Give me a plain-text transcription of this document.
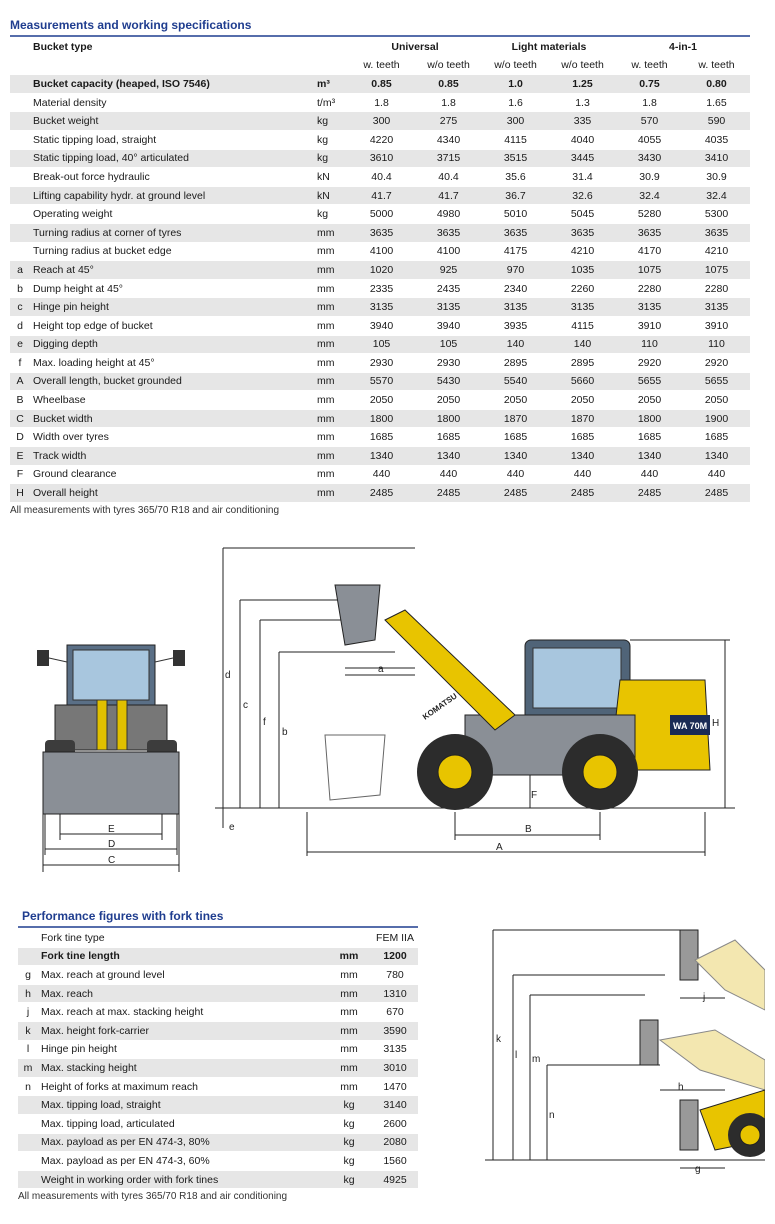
Measurements and working specifications
	Bucket type		Universal		Light materials		4-in-1	
			w. teeth	w/o teeth	w/o teeth	w/o teeth	w. teeth	w. teeth
	Bucket capacity (heaped, ISO 7546)	m³	0.85	0.85	1.0	1.25	0.75	0.80
	Material density	t/m³	1.8	1.8	1.6	1.3	1.8	1.65
	Bucket weight	kg	300	275	300	335	570	590
	Static tipping load, straight	kg	4220	4340	4115	4040	4055	4035
	Static tipping load, 40° articulated	kg	3610	3715	3515	3445	3430	3410
	Break-out force hydraulic	kN	40.4	40.4	35.6	31.4	30.9	30.9
	Lifting capability hydr. at ground level	kN	41.7	41.7	36.7	32.6	32.4	32.4
	Operating weight	kg	5000	4980	5010	5045	5280	5300
	Turning radius at corner of tyres	mm	3635	3635	3635	3635	3635	3635
	Turning radius at bucket edge	mm	4100	4100	4175	4210	4170	4210
a	Reach at 45°	mm	1020	925	970	1035	1075	1075
b	Dump height at 45°	mm	2335	2435	2340	2260	2280	2280
c	Hinge pin height	mm	3135	3135	3135	3135	3135	3135
d	Height top edge of bucket	mm	3940	3940	3935	4115	3910	3910
e	Digging depth	mm	105	105	140	140	110	110
f	Max. loading height at 45°	mm	2930	2930	2895	2895	2920	2920
A	Overall length, bucket grounded	mm	5570	5430	5540	5660	5655	5655
B	Wheelbase	mm	2050	2050	2050	2050	2050	2050
C	Bucket width	mm	1800	1800	1870	1870	1800	1900
D	Width over tyres	mm	1685	1685	1685	1685	1685	1685
E	Track width	mm	1340	1340	1340	1340	1340	1340
F	Ground clearance	mm	440	440	440	440	440	440
H	Overall height	mm	2485	2485	2485	2485	2485	2485
All measurements with tyres 365/70 R18 and air conditioning
E
D
C
d
c
f
b
a
e
F
B
A
H
WA 70M
KOMATSU
Performance figures with fork tines
	Fork tine type		FEM IIA
	Fork tine length	mm	1200
g	Max. reach at ground level	mm	780
h	Max. reach	mm	1310
j	Max. reach at max. stacking height	mm	670
k	Max. height fork-carrier	mm	3590
l	Hinge pin height	mm	3135
m	Max. stacking height	mm	3010
n	Height of forks at maximum reach	mm	1470
	Max. tipping load, straight	kg	3140
	Max. tipping load, articulated	kg	2600
	Max. payload as per EN 474-3, 80%	kg	2080
	Max. payload as per EN 474-3, 60%	kg	1560
	Weight in working order with fork tines	kg	4925
All measurements with tyres 365/70 R18 and air conditioning
k
l m
n
j
h
g
